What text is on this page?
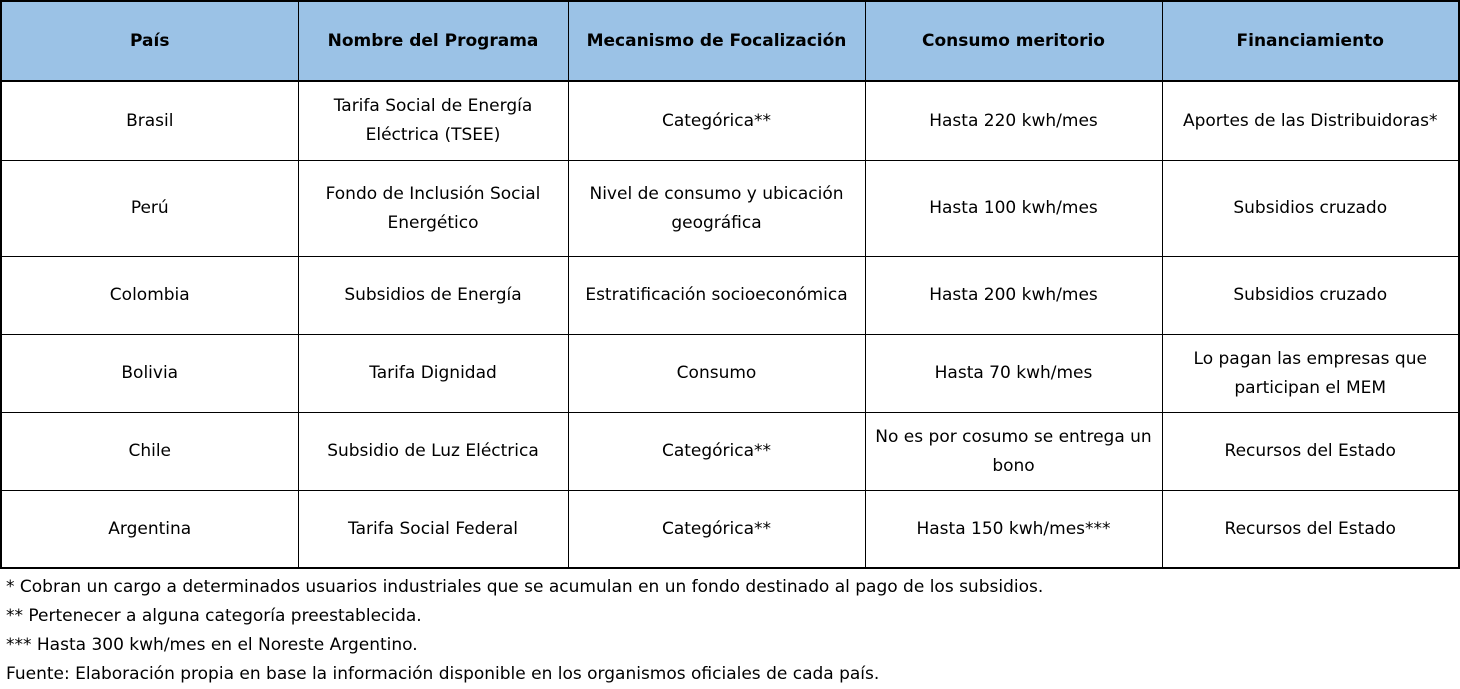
País	Nombre del Programa	Mecanismo de Focalización	Consumo meritorio	Financiamiento
Brasil	Tarifa Social de Energía Eléctrica (TSEE)	Categórica**	Hasta 220 kwh/mes	Aportes de las Distribuidoras*
Perú	Fondo de Inclusión Social Energético	Nivel de consumo y ubicación geográfica	Hasta 100 kwh/mes	Subsidios cruzado
Colombia	Subsidios de Energía	Estratificación socioeconómica	Hasta 200 kwh/mes	Subsidios cruzado
Bolivia	Tarifa Dignidad	Consumo	Hasta 70 kwh/mes	Lo pagan las empresas que participan el MEM
Chile	Subsidio de Luz Eléctrica	Categórica**	No es por cosumo se entrega un bono	Recursos del Estado
Argentina	Tarifa Social Federal	Categórica**	Hasta 150 kwh/mes***	Recursos del Estado
* Cobran un cargo a determinados usuarios industriales que se acumulan en un fondo destinado al pago de los subsidios.
** Pertenecer a alguna categoría preestablecida.
*** Hasta 300 kwh/mes en el Noreste Argentino.
Fuente: Elaboración propia en base la información disponible en los organismos oficiales de cada país.
